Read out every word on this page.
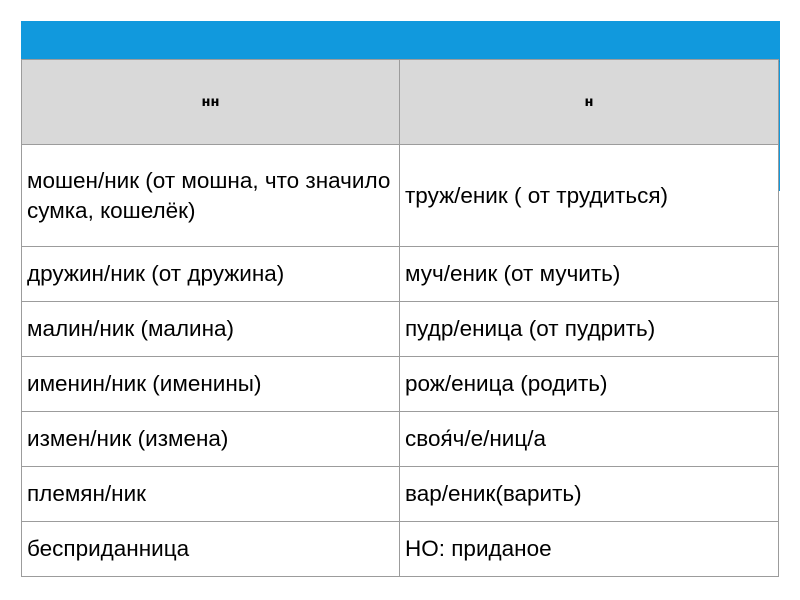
нн	н
мошен/ник (от мошна, что значило сумка, кошелёк)	труж/еник ( от трудиться)
дружин/ник (от дружина)	муч/еник (от мучить)
малин/ник (малина)	пудр/еница (от пудрить)
именин/ник (именины)	рож/еница (родить)
измен/ник (измена)	своя́ч/е/ниц/а
племян/ник	вар/еник(варить)
бесприданница	НО: приданое
